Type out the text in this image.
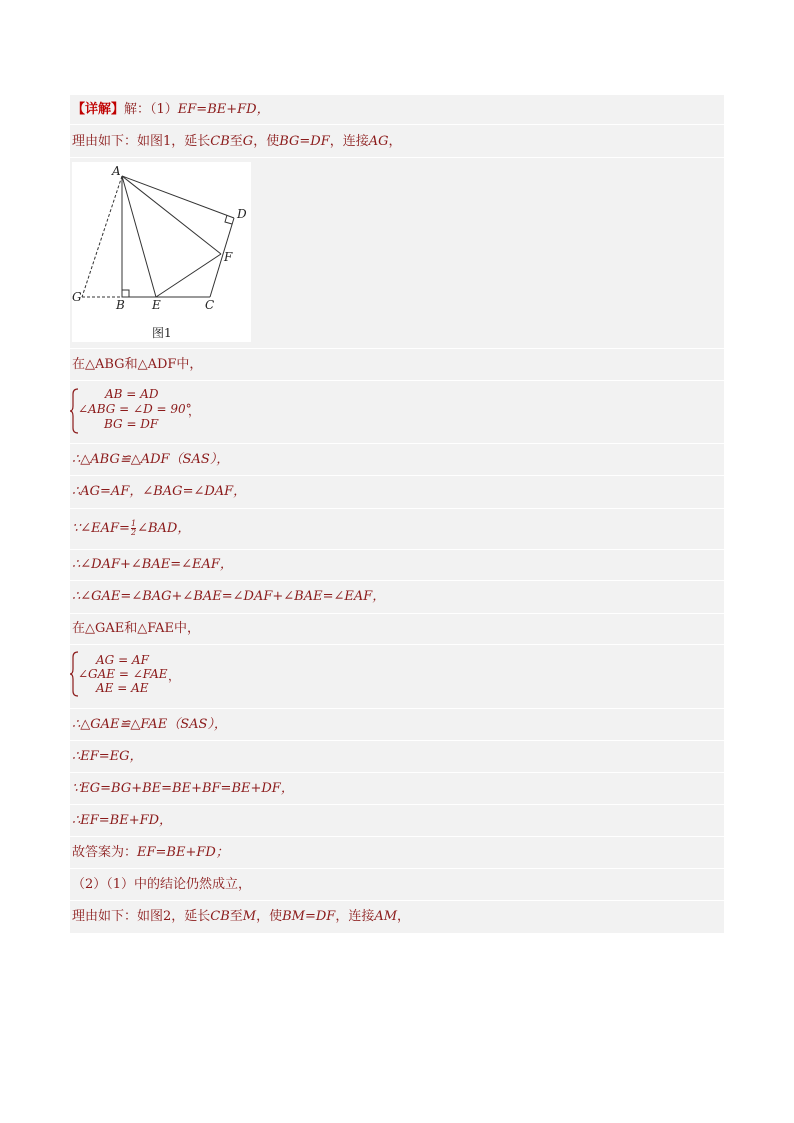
【详解】解：（1）EF=BE+FD，
理由如下：如图1，延长CB至G，使BG=DF，连接AG，
A
D
F
G
B E	C
图1
在△ABG和△ADF中，
AB = AD
∠ABG = ∠D = 90°
BG = DF
，
∴△ABG≌△ADF（SAS），
∴AG=AF，∠BAG=∠DAF，
∵∠EAF= $\frac{1}{2}$ ∠BAD，
∴∠DAF+∠BAE=∠EAF，
∴∠GAE=∠BAG+∠BAE=∠DAF+∠BAE=∠EAF，
在△GAE和△FAE中，
AG = AF
∠GAE = ∠FAE
AE = AE
，
∴△GAE≌△FAE（SAS），
∴EF=EG，
∵EG=BG+BE=BE+BF=BE+DF，
∴EF=BE+FD，
故答案为：EF=BE+FD；
（2）（1）中的结论仍然成立，
理由如下：如图2，延长CB至M，使BM=DF，连接AM，
